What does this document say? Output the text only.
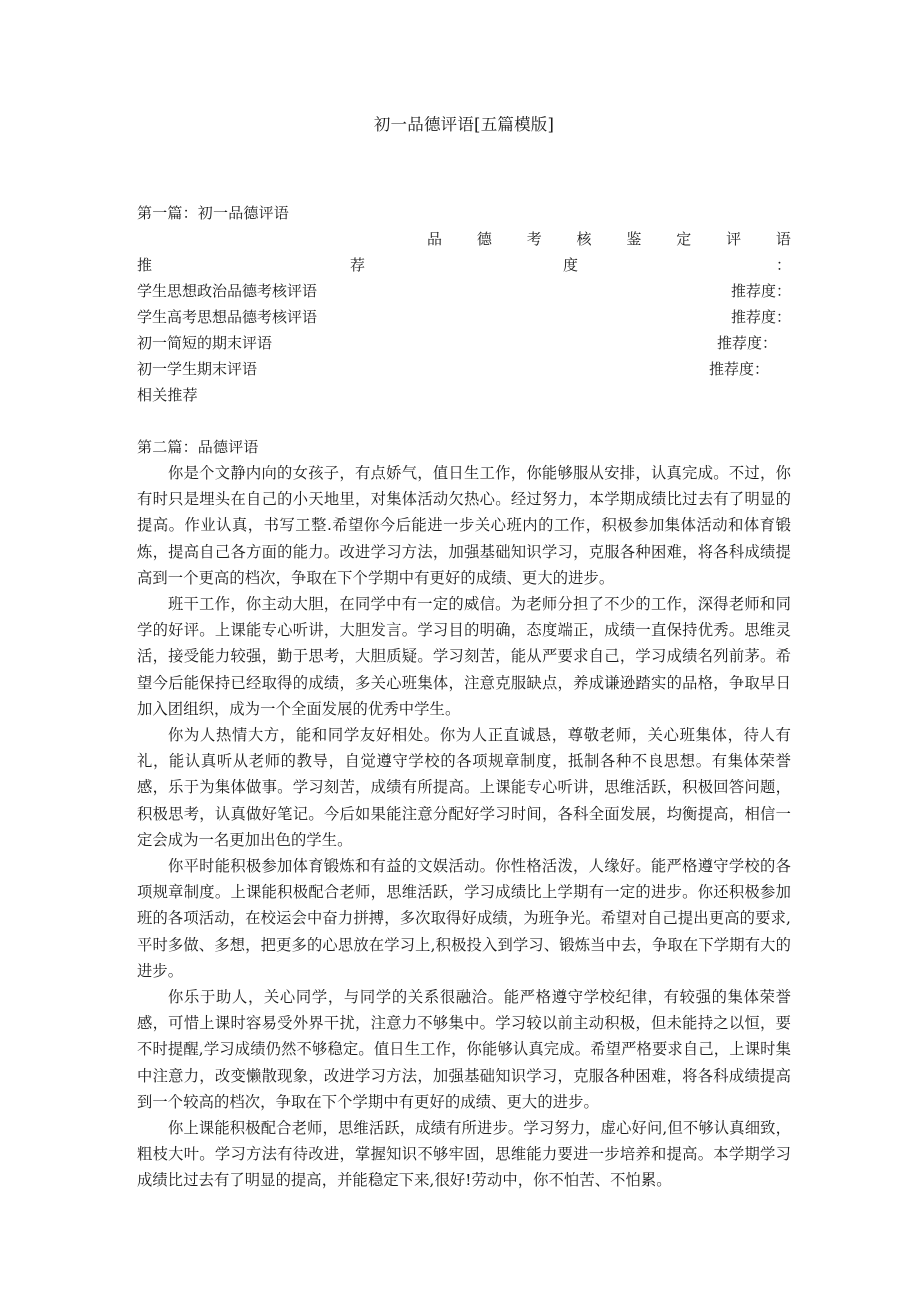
初一品德评语[五篇模版]
第一篇：初一品德评语
品 德 考 核 鉴 定 评 语
推	荐	度	：
学生思想政治品德考核评语	推荐度：
学生高考思想品德考核评语	推荐度：
初一简短的期末评语	推荐度：
初一学生期末评语	推荐度：
相关推荐
第二篇：品德评语

你是个文静内向的女孩子，有点娇气，值日生工作，你能够服从安排，认真完成。不过，你有时只是埋头在自己的小天地里，对集体活动欠热心。经过努力，本学期成绩比过去有了明显的提高。作业认真，书写工整.希望你今后能进一步关心班内的工作，积极参加集体活动和体育锻炼，提高自己各方面的能力。改进学习方法，加强基础知识学习，克服各种困难，将各科成绩提高到一个更高的档次，争取在下个学期中有更好的成绩、更大的进步。

班干工作，你主动大胆，在同学中有一定的威信。为老师分担了不少的工作，深得老师和同学的好评。上课能专心听讲，大胆发言。学习目的明确，态度端正，成绩一直保持优秀。思维灵活，接受能力较强，勤于思考，大胆质疑。学习刻苦，能从严要求自己，学习成绩名列前茅。希望今后能保持已经取得的成绩，多关心班集体，注意克服缺点，养成谦逊踏实的品格，争取早日加入团组织，成为一个全面发展的优秀中学生。

你为人热情大方，能和同学友好相处。你为人正直诚恳，尊敬老师，关心班集体，待人有礼，能认真听从老师的教导，自觉遵守学校的各项规章制度，抵制各种不良思想。有集体荣誉感，乐于为集体做事。学习刻苦，成绩有所提高。上课能专心听讲，思维活跃，积极回答问题，积极思考，认真做好笔记。今后如果能注意分配好学习时间，各科全面发展，均衡提高，相信一定会成为一名更加出色的学生。

你平时能积极参加体育锻炼和有益的文娱活动。你性格活泼，人缘好。能严格遵守学校的各项规章制度。上课能积极配合老师，思维活跃，学习成绩比上学期有一定的进步。你还积极参加班的各项活动，在校运会中奋力拼搏，多次取得好成绩，为班争光。希望对自己提出更高的要求,平时多做、多想，把更多的心思放在学习上,积极投入到学习、锻炼当中去，争取在下学期有大的进步。

你乐于助人，关心同学，与同学的关系很融洽。能严格遵守学校纪律，有较强的集体荣誉感，可惜上课时容易受外界干扰，注意力不够集中。学习较以前主动积极，但未能持之以恒，要不时提醒,学习成绩仍然不够稳定。值日生工作，你能够认真完成。希望严格要求自己，上课时集中注意力，改变懒散现象，改进学习方法，加强基础知识学习，克服各种困难，将各科成绩提高到一个较高的档次，争取在下个学期中有更好的成绩、更大的进步。

你上课能积极配合老师，思维活跃，成绩有所进步。学习努力，虚心好问,但不够认真细致，粗枝大叶。学习方法有待改进，掌握知识不够牢固，思维能力要进一步培养和提高。本学期学习成绩比过去有了明显的提高，并能稳定下来,很好!劳动中，你不怕苦、不怕累。
